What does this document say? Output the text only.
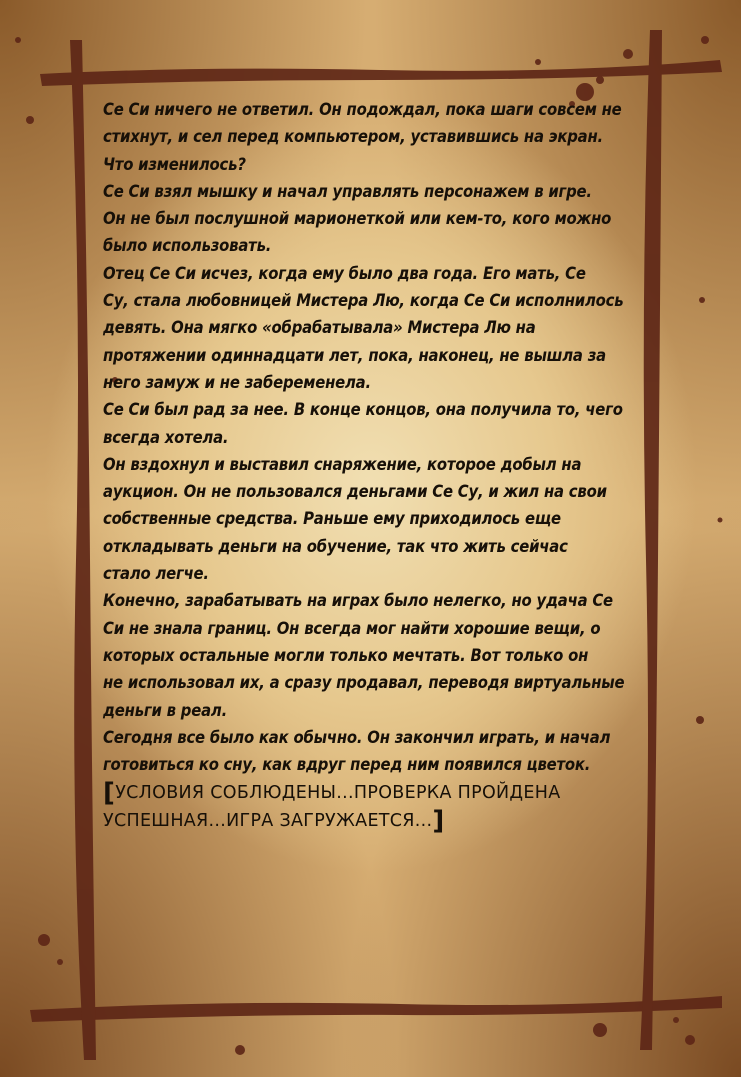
Се Си ничего не ответил. Он подождал, пока шаги совсем не
стихнут, и сел перед компьютером, уставившись на экран.
Что изменилось?
Се Си взял мышку и начал управлять персонажем в игре.
Он не был послушной марионеткой или кем-то, кого можно
было использовать.
Отец Се Си исчез, когда ему было два года. Его мать, Се
Су, стала любовницей Мистера Лю, когда Се Си исполнилось
девять. Она мягко «обрабатывала» Мистера Лю на
протяжении одиннадцати лет, пока, наконец, не вышла за
него замуж и не забеременела.
Се Си был рад за нее. В конце концов, она получила то, чего
всегда хотела.
Он вздохнул и выставил снаряжение, которое добыл на
аукцион. Он не пользовался деньгами Се Су, и жил на свои
собственные средства. Раньше ему приходилось еще
откладывать деньги на обучение, так что жить сейчас
стало легче.
Конечно, зарабатывать на играх было нелегко, но удача Се
Си не знала границ. Он всегда мог найти хорошие вещи, о
которых остальные могли только мечтать. Вот только он
не использовал их, а сразу продавал, переводя виртуальные
деньги в реал.
Сегодня все было как обычно. Он закончил играть, и начал
готовиться ко сну, как вдруг перед ним появился цветок.
[УСЛОВИЯ СОБЛЮДЕНЫ...ПРОВЕРКА ПРОЙДЕНА
УСПЕШНАЯ...ИГРА ЗАГРУЖАЕТСЯ...]
